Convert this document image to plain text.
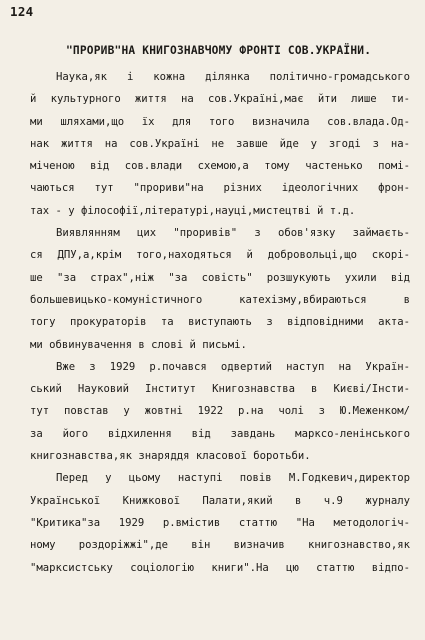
124
"ПРОРИВ"НА КНИГОЗНАВЧОМУ ФРОНТІ СОВ.УКРАЇНИ.
Наука,як і кожна ділянка політично-громадського
й культурного життя на сов.Україні,має йти лише ти-
ми шляхами,що їх для того визначила сов.влада.Од-
нак життя на сов.Україні не завше йде у згоді з на-
міченою від сов.влади схемою,а тому частенько помі-
чаються тут "прориви"на різних ідеологічних фрон-
тах - у філософії,літературі,науці,мистецтві й т.д.
Виявлянням цих "проривів" з обов'язку займаєть-
ся ДПУ,а,крім того,находяться й добровольці,що скорі-
ше "за страх",ніж "за совість" розшукують ухили від
большевицько-комуністичного катехізму,вбираються в
тогу прокураторів та виступають з відповідними акта-
ми обвинувачення в слові й письмі.
Вже з 1929 р.почався одвертий наступ на Україн-
ський Науковий Інститут Книгознавства в Києві/Інсти-
тут повстав у жовтні 1922 р.на чолі з Ю.Меженком/
за його відхилення від завдань марксо-ленінського
книгознавства,як знаряддя класової боротьби.
Перед у цьому наступі повів М.Годкевич,директор
Української Книжкової Палати,який в ч.9 журналу
"Критика"за 1929 р.вмістив статтю "На методологіч-
ному роздоріжжі",де він визначив книгознавство,як
"марксистську соціологію книги".На цю статтю відпо-
